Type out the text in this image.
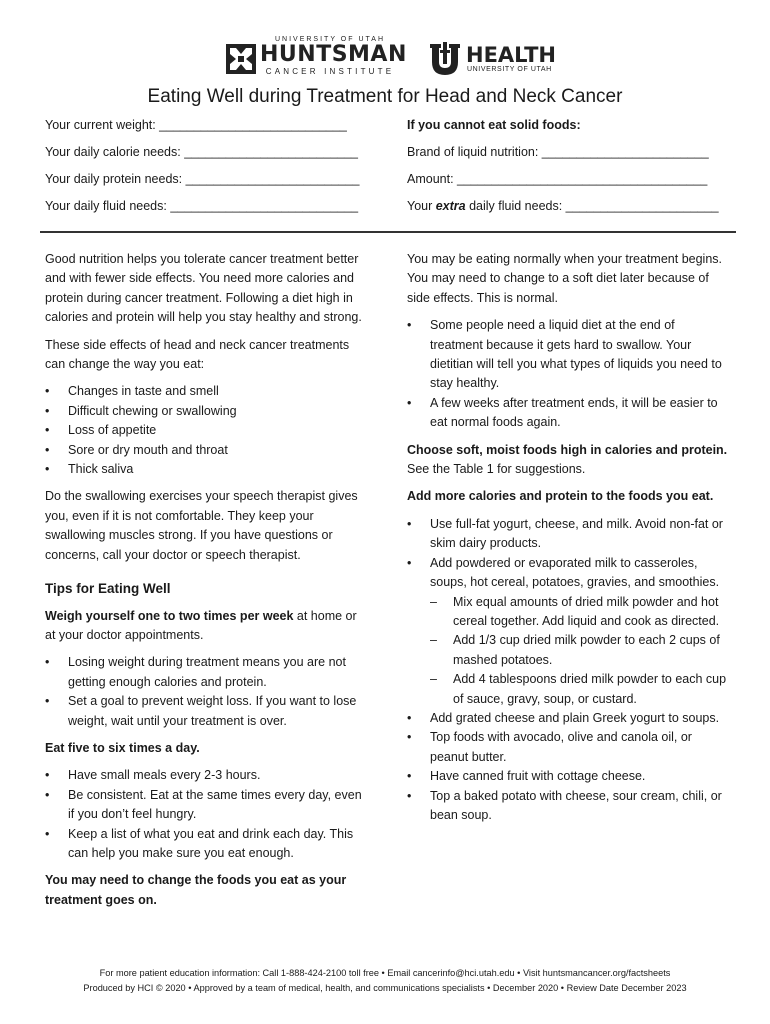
UNIVERSITY OF UTAH
HUNTSMAN
CANCER INSTITUTE
HEALTH
UNIVERSITY OF UTAH
Eating Well during Treatment for Head and Neck Cancer
Your current weight: ___________________________
Your daily calorie needs: _________________________
Your daily protein needs: _________________________
Your daily fluid needs: ___________________________
If you cannot eat solid foods:
Brand of liquid nutrition: ________________________
Amount: ____________________________________
Your extra daily fluid needs: ______________________

Good nutrition helps you tolerate cancer treatment better and with fewer side effects. You need more calories and protein during cancer treatment. Following a diet high in calories and protein will help you stay healthy and strong.

These side effects of head and neck cancer treatments can change the way you eat:

• Changes in taste and smell
• Difficult chewing or swallowing
• Loss of appetite
• Sore or dry mouth and throat
• Thick saliva

Do the swallowing exercises your speech therapist gives you, even if it is not comfortable. They keep your swallowing muscles strong. If you have questions or concerns, call your doctor or speech therapist.

Tips for Eating Well

Weigh yourself one to two times per week at home or at your doctor appointments.

• Losing weight during treatment means you are not getting enough calories and protein.
• Set a goal to prevent weight loss. If you want to lose weight, wait until your treatment is over.

Eat five to six times a day.

• Have small meals every 2-3 hours.
• Be consistent. Eat at the same times every day, even if you don’t feel hungry.
• Keep a list of what you eat and drink each day. This can help you make sure you eat enough.

You may need to change the foods you eat as your treatment goes on.

You may be eating normally when your treatment begins. You may need to change to a soft diet later because of side effects. This is normal.

• Some people need a liquid diet at the end of treatment because it gets hard to swallow. Your dietitian will tell you what types of liquids you need to stay healthy.
• A few weeks after treatment ends, it will be easier to eat normal foods again.

Choose soft, moist foods high in calories and protein.
See the Table 1 for suggestions.

Add more calories and protein to the foods you eat.

• Use full-fat yogurt, cheese, and milk. Avoid non-fat or skim dairy products.
• Add powdered or evaporated milk to casseroles, soups, hot cereal, potatoes, gravies, and smoothies.
– Mix equal amounts of dried milk powder and hot cereal together. Add liquid and cook as directed.
– Add 1/3 cup dried milk powder to each 2 cups of mashed potatoes.
– Add 4 tablespoons dried milk powder to each cup of sauce, gravy, soup, or custard.
• Add grated cheese and plain Greek yogurt to soups.
• Top foods with avocado, olive and canola oil, or peanut butter.
• Have canned fruit with cottage cheese.
• Top a baked potato with cheese, sour cream, chili, or bean soup.
For more patient education information: Call 1-888-424-2100 toll free • Email cancerinfo@hci.utah.edu • Visit huntsmancancer.org/factsheets
Produced by HCI © 2020 • Approved by a team of medical, health, and communications specialists • December 2020 • Review Date December 2023
